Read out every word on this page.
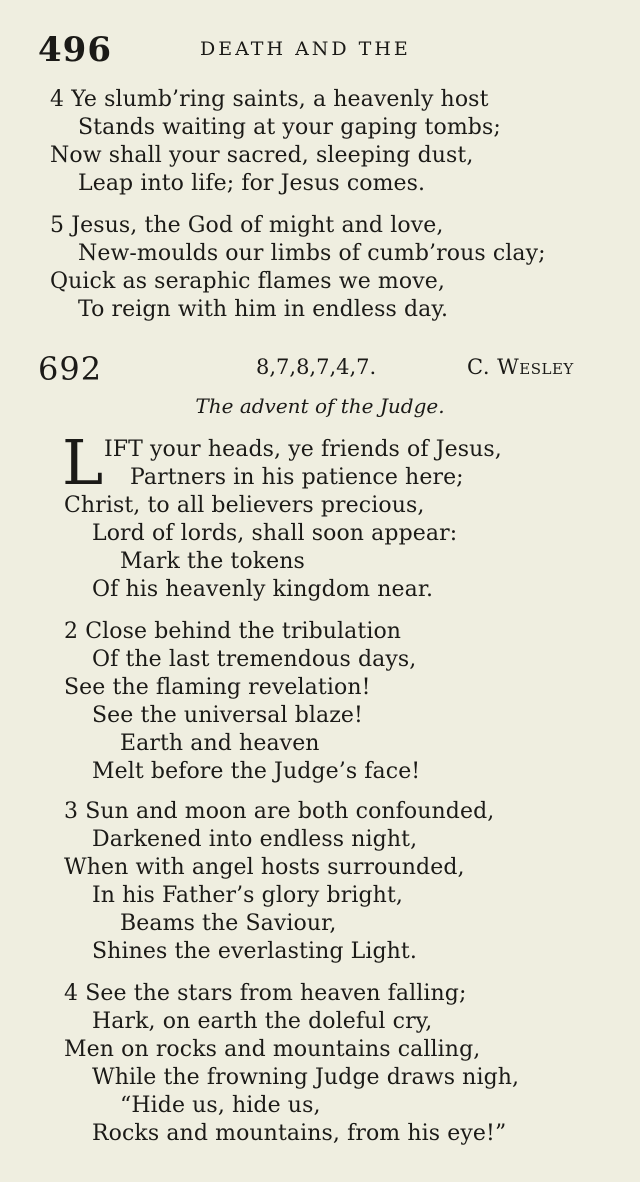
496	DEATH AND THE
4 Ye slumb’ring saints, a heavenly host
Stands waiting at your gaping tombs;
Now shall your sacred, sleeping dust,
Leap into life; for Jesus comes.
5 Jesus, the God of might and love,
New-moulds our limbs of cumb’rous clay;
Quick as seraphic flames we move,
To reign with him in endless day.
692	8,7,8,7,4,7.	C. Wesley
The advent of the Judge.
L IFT your heads, ye friends of Jesus,
Partners in his patience here;
Christ, to all believers precious,
Lord of lords, shall soon appear:
Mark the tokens
Of his heavenly kingdom near.
2 Close behind the tribulation
Of the last tremendous days,
See the flaming revelation!
See the universal blaze!
Earth and heaven
Melt before the Judge’s face!
3 Sun and moon are both confounded,
Darkened into endless night,
When with angel hosts surrounded,
In his Father’s glory bright,
Beams the Saviour,
Shines the everlasting Light.
4 See the stars from heaven falling;
Hark, on earth the doleful cry,
Men on rocks and mountains calling,
While the frowning Judge draws nigh,
“Hide us, hide us,
Rocks and mountains, from his eye!”
